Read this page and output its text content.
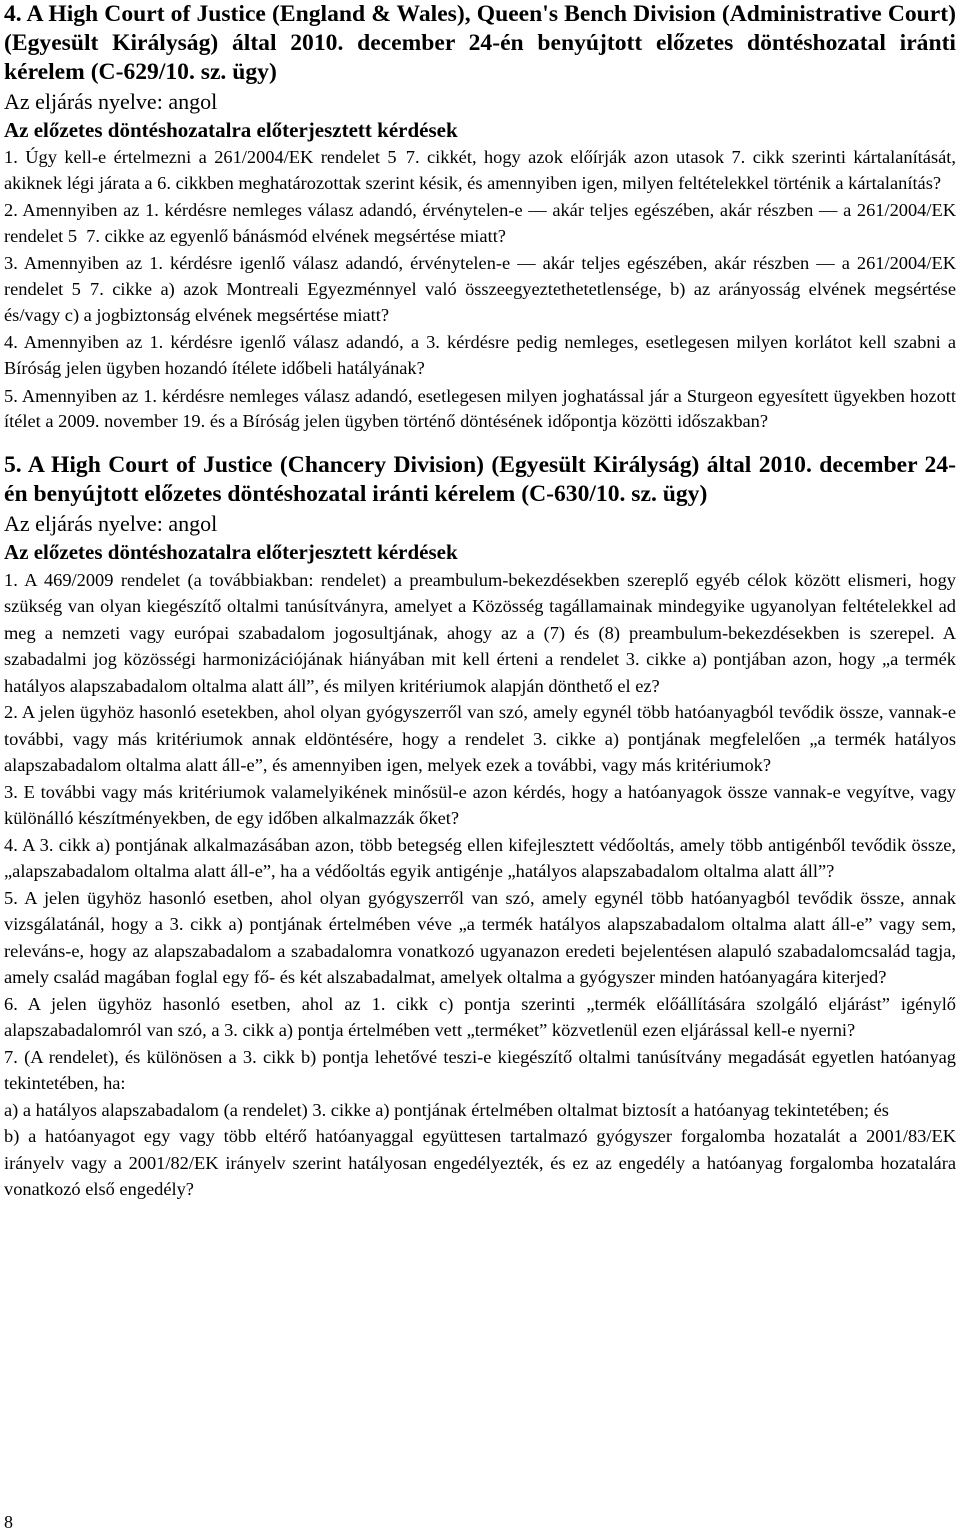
4. A High Court of Justice (England & Wales), Queen's Bench Division (Administrative Court) (Egyesült Királyság) által 2010. december 24-én benyújtott előzetes döntéshozatal iránti kérelem (C-629/10. sz. ügy)

Az eljárás nyelve: angol

Az előzetes döntéshozatalra előterjesztett kérdések

1. Úgy kell-e értelmezni a 261/2004/EK rendelet 5 7. cikkét, hogy azok előírják azon utasok 7. cikk szerinti kártalanítását, akiknek légi járata a 6. cikkben meghatározottak szerint késik, és amennyiben igen, milyen feltételekkel történik a kártalanítás?

2. Amennyiben az 1. kérdésre nemleges válasz adandó, érvénytelen-e — akár teljes egészében, akár részben — a 261/2004/EK rendelet 5 7. cikke az egyenlő bánásmód elvének megsértése miatt?

3. Amennyiben az 1. kérdésre igenlő válasz adandó, érvénytelen-e — akár teljes egészében, akár részben — a 261/2004/EK rendelet 5 7. cikke a) azok Montreali Egyezménnyel való összeegyeztethetetlensége, b) az arányosság elvének megsértése és/vagy c) a jogbiztonság elvének megsértése miatt?

4. Amennyiben az 1. kérdésre igenlő válasz adandó, a 3. kérdésre pedig nemleges, esetlegesen milyen korlátot kell szabni a Bíróság jelen ügyben hozandó ítélete időbeli hatályának?

5. Amennyiben az 1. kérdésre nemleges válasz adandó, esetlegesen milyen joghatással jár a Sturgeon egyesített ügyekben hozott ítélet a 2009. november 19. és a Bíróság jelen ügyben történő döntésének időpontja közötti időszakban?

5. A High Court of Justice (Chancery Division) (Egyesült Királyság) által 2010. december 24-én benyújtott előzetes döntéshozatal iránti kérelem (C-630/10. sz. ügy)

Az eljárás nyelve: angol

Az előzetes döntéshozatalra előterjesztett kérdések

1. A 469/2009 rendelet (a továbbiakban: rendelet) a preambulum-bekezdésekben szereplő egyéb célok között elismeri, hogy szükség van olyan kiegészítő oltalmi tanúsítványra, amelyet a Közösség tagállamainak mindegyike ugyanolyan feltételekkel ad meg a nemzeti vagy európai szabadalom jogosultjának, ahogy az a (7) és (8) preambulum-bekezdésekben is szerepel. A szabadalmi jog közösségi harmonizációjának hiányában mit kell érteni a rendelet 3. cikke a) pontjában azon, hogy „a termék hatályos alapszabadalom oltalma alatt áll”, és milyen kritériumok alapján dönthető el ez?

2. A jelen ügyhöz hasonló esetekben, ahol olyan gyógyszerről van szó, amely egynél több hatóanyagból tevődik össze, vannak-e további, vagy más kritériumok annak eldöntésére, hogy a rendelet 3. cikke a) pontjának megfelelően „a termék hatályos alapszabadalom oltalma alatt áll-e”, és amennyiben igen, melyek ezek a további, vagy más kritériumok?

3. E további vagy más kritériumok valamelyikének minősül-e azon kérdés, hogy a hatóanyagok össze vannak-e vegyítve, vagy különálló készítményekben, de egy időben alkalmazzák őket?

4. A 3. cikk a) pontjának alkalmazásában azon, több betegség ellen kifejlesztett védőoltás, amely több antigénből tevődik össze, „alapszabadalom oltalma alatt áll-e”, ha a védőoltás egyik antigénje „hatályos alapszabadalom oltalma alatt áll”?

5. A jelen ügyhöz hasonló esetben, ahol olyan gyógyszerről van szó, amely egynél több hatóanyagból tevődik össze, annak vizsgálatánál, hogy a 3. cikk a) pontjának értelmében véve „a termék hatályos alapszabadalom oltalma alatt áll-e” vagy sem, releváns-e, hogy az alapszabadalom a szabadalomra vonatkozó ugyanazon eredeti bejelentésen alapuló szabadalomcsalád tagja, amely család magában foglal egy fő- és két alszabadalmat, amelyek oltalma a gyógyszer minden hatóanyagára kiterjed?

6. A jelen ügyhöz hasonló esetben, ahol az 1. cikk c) pontja szerinti „termék előállítására szolgáló eljárást” igénylő alapszabadalomról van szó, a 3. cikk a) pontja értelmében vett „terméket” közvetlenül ezen eljárással kell-e nyerni?

7. (A rendelet), és különösen a 3. cikk b) pontja lehetővé teszi-e kiegészítő oltalmi tanúsítvány megadását egyetlen hatóanyag tekintetében, ha:

a) a hatályos alapszabadalom (a rendelet) 3. cikke a) pontjának értelmében oltalmat biztosít a hatóanyag tekintetében; és

b) a hatóanyagot egy vagy több eltérő hatóanyaggal együttesen tartalmazó gyógyszer forgalomba hozatalát a 2001/83/EK irányelv vagy a 2001/82/EK irányelv szerint hatályosan engedélyezték, és ez az engedély a hatóanyag forgalomba hozatalára vonatkozó első engedély?

8
